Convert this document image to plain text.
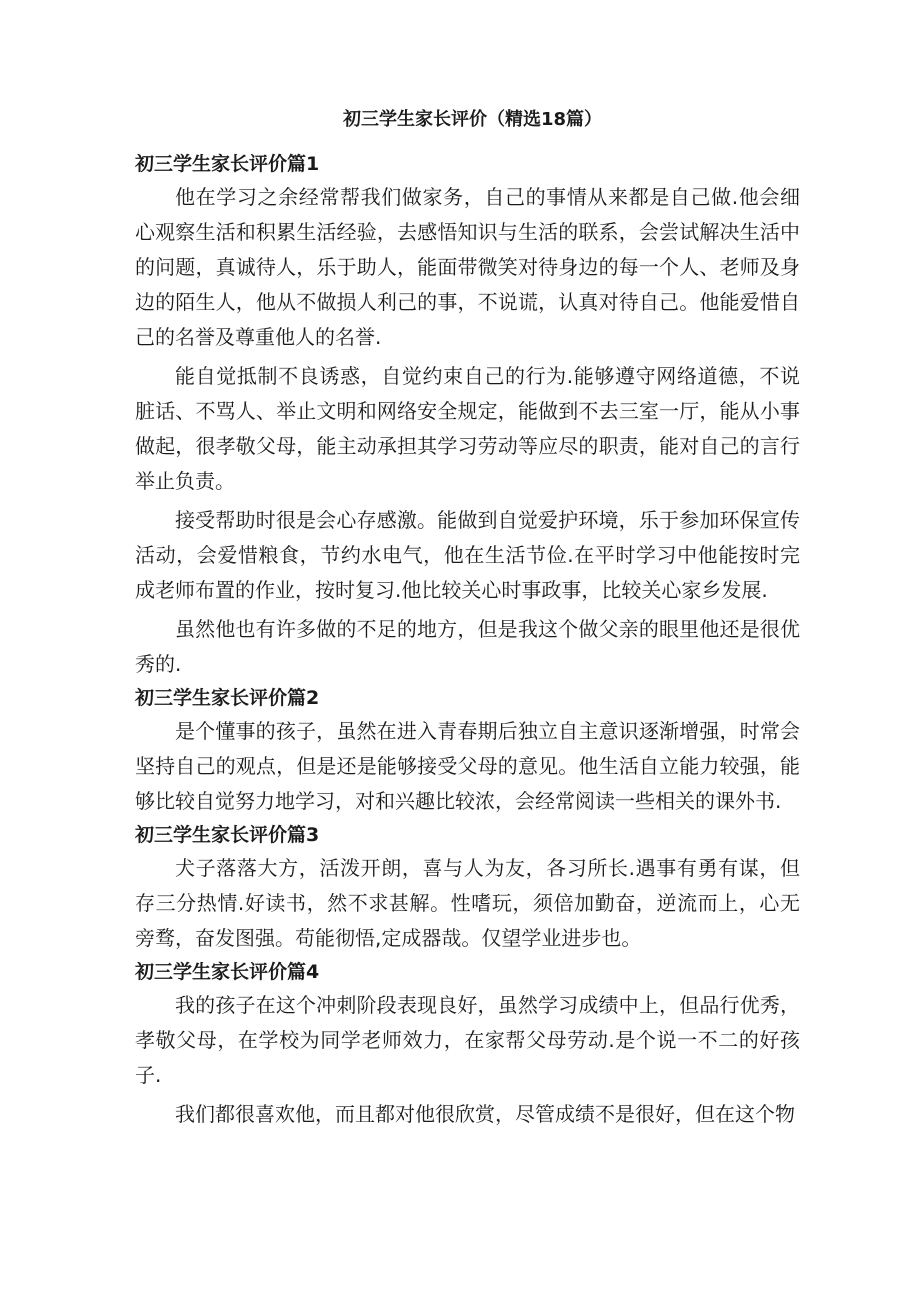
初三学生家长评价（精选18篇）
初三学生家长评价篇1

他在学习之余经常帮我们做家务，自己的事情从来都是自己做.他会细心观察生活和积累生活经验，去感悟知识与生活的联系，会尝试解决生活中的问题，真诚待人，乐于助人，能面带微笑对待身边的每一个人、老师及身边的陌生人，他从不做损人利己的事，不说谎，认真对待自己。他能爱惜自己的名誉及尊重他人的名誉.

能自觉抵制不良诱惑，自觉约束自己的行为.能够遵守网络道德，不说脏话、不骂人、举止文明和网络安全规定，能做到不去三室一厅，能从小事做起，很孝敬父母，能主动承担其学习劳动等应尽的职责，能对自己的言行举止负责。

接受帮助时很是会心存感激。能做到自觉爱护环境，乐于参加环保宣传活动，会爱惜粮食，节约水电气，他在生活节俭.在平时学习中他能按时完成老师布置的作业，按时复习.他比较关心时事政事，比较关心家乡发展.

虽然他也有许多做的不足的地方，但是我这个做父亲的眼里他还是很优秀的.

初三学生家长评价篇2

是个懂事的孩子，虽然在进入青春期后独立自主意识逐渐增强，时常会坚持自己的观点，但是还是能够接受父母的意见。他生活自立能力较强，能够比较自觉努力地学习，对和兴趣比较浓，会经常阅读一些相关的课外书.

初三学生家长评价篇3

犬子落落大方，活泼开朗，喜与人为友，各习所长.遇事有勇有谋，但存三分热情.好读书，然不求甚解。性嗜玩，须倍加勤奋，逆流而上，心无旁骛，奋发图强。苟能彻悟,定成器哉。仅望学业进步也。

初三学生家长评价篇4

我的孩子在这个冲刺阶段表现良好，虽然学习成绩中上，但品行优秀，孝敬父母，在学校为同学老师效力，在家帮父母劳动.是个说一不二的好孩子.

我们都很喜欢他，而且都对他很欣赏，尽管成绩不是很好，但在这个物
